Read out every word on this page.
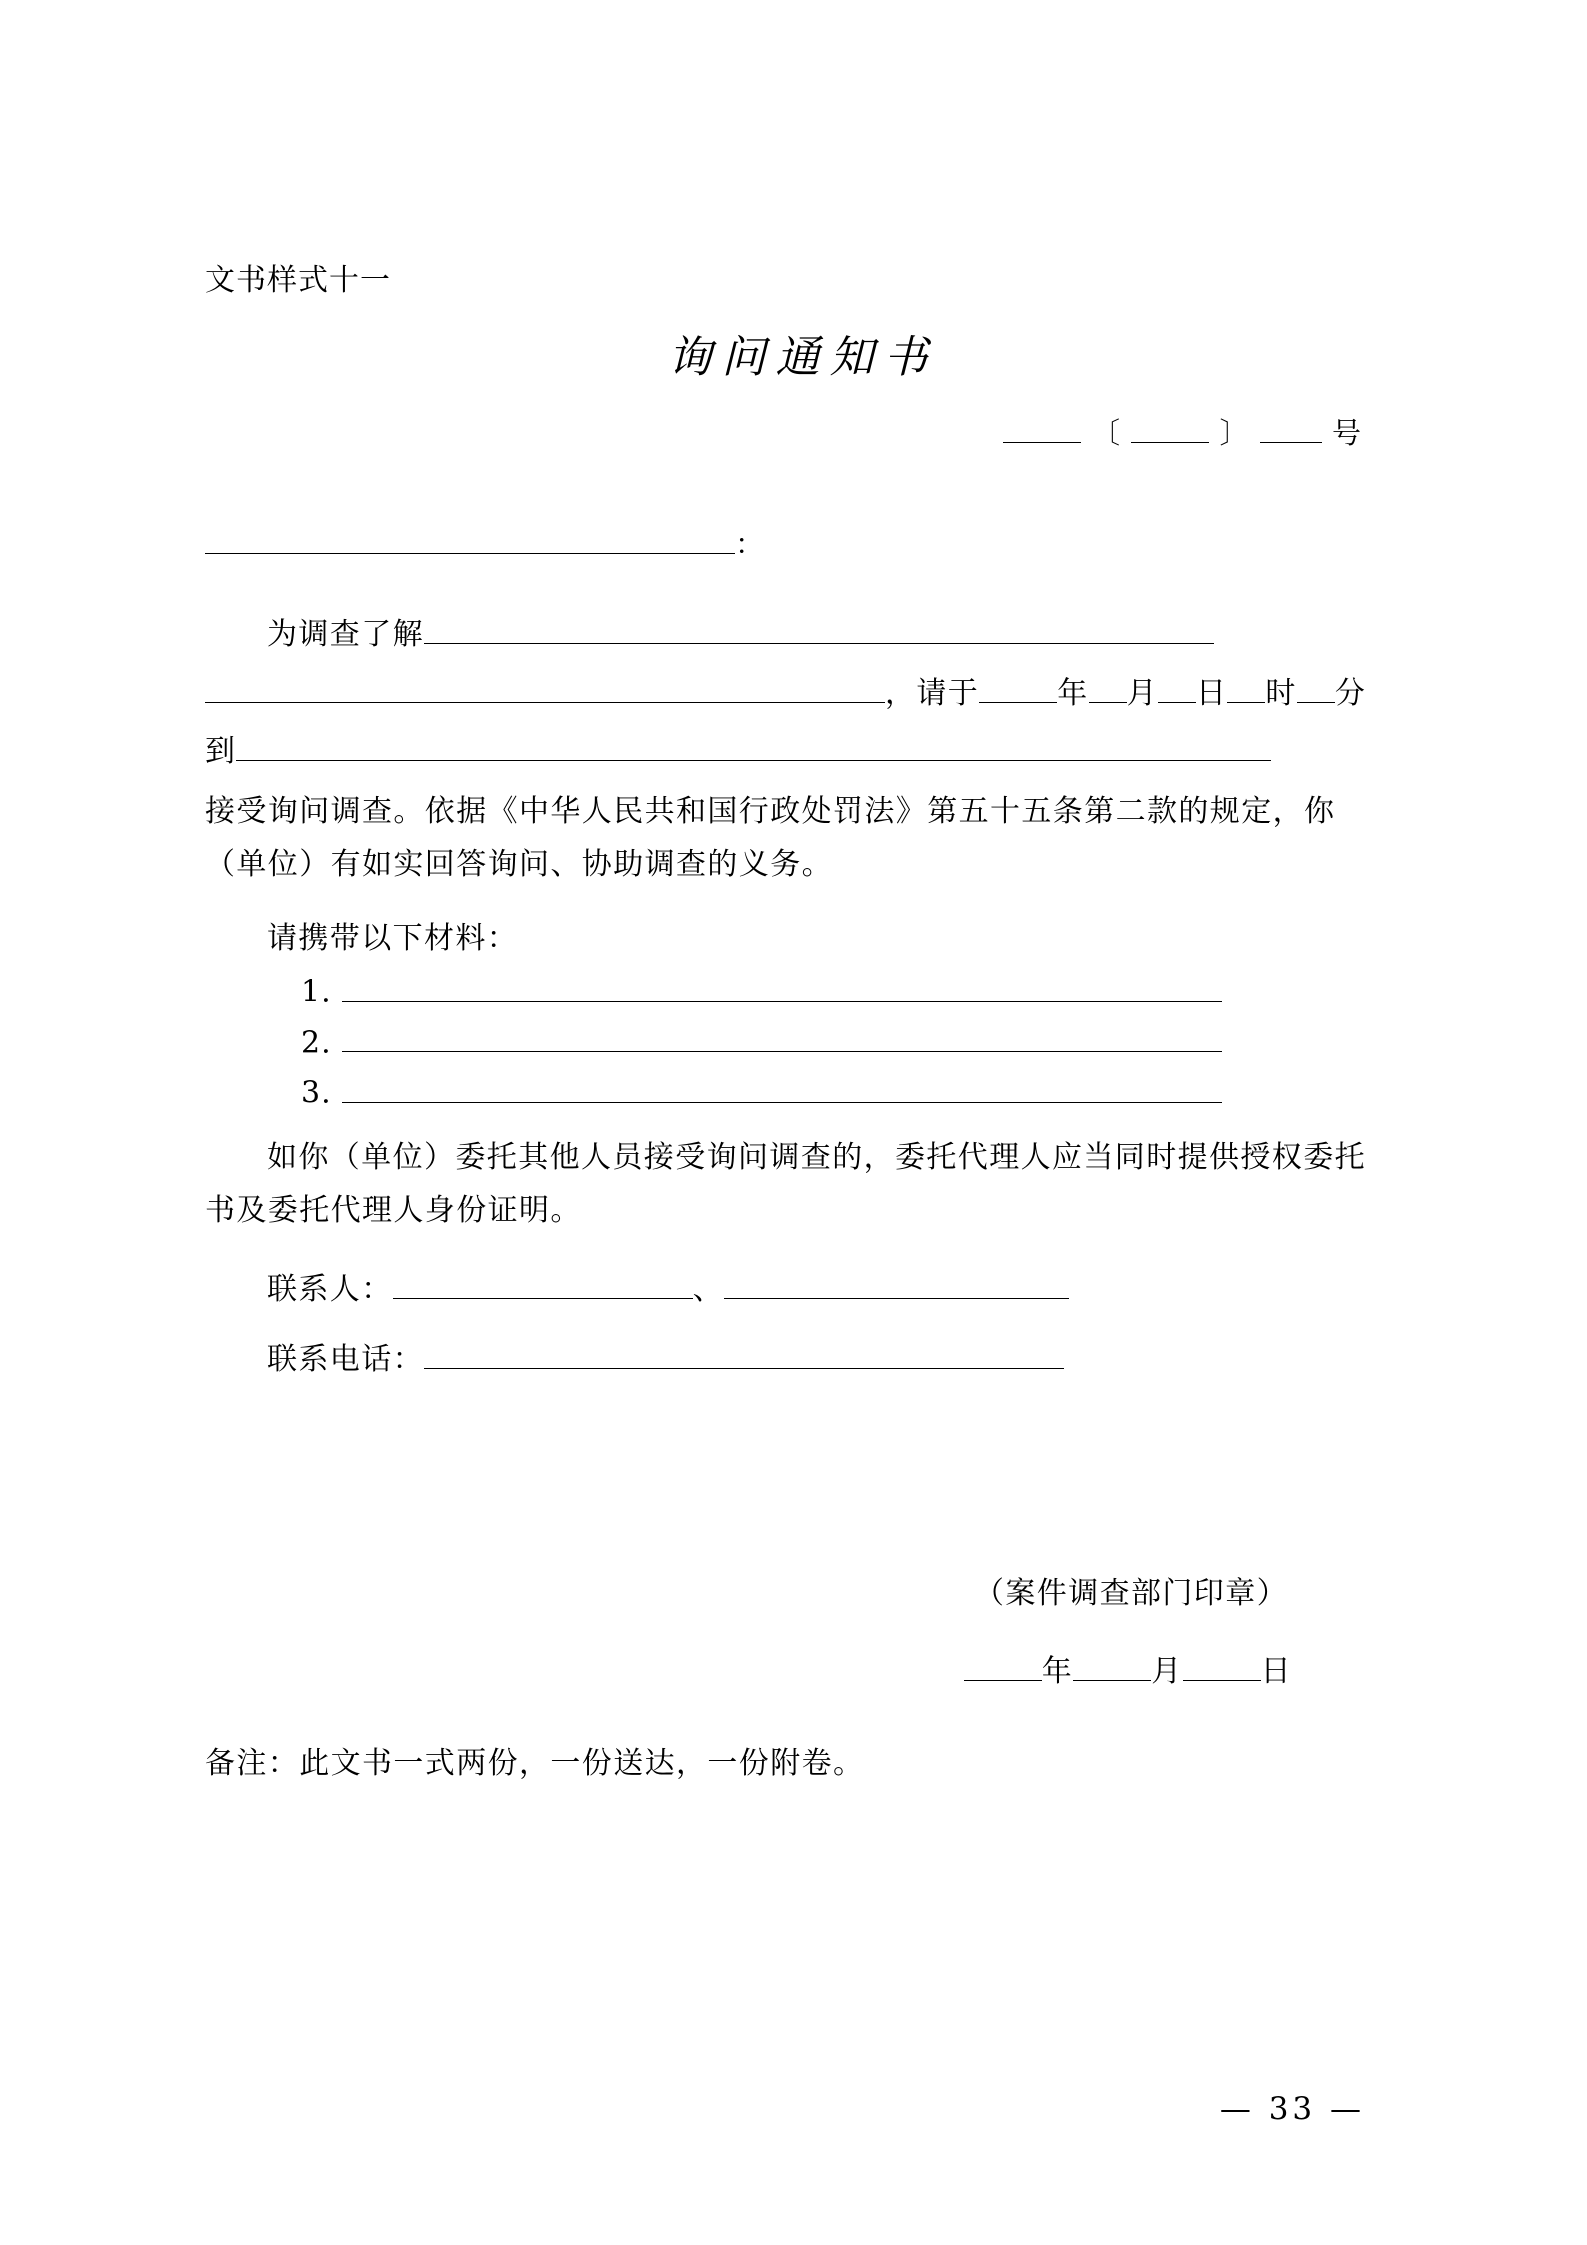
文书样式十一
询问通知书
〔	〕	号
：

为调查了解

，请于	年 月 日 时 分

到

接受询问调查。依据《中华人民共和国行政处罚法》第五十五条第二款的规定，你（单位）有如实回答询问、协助调查的义务。

请携带以下材料：
1.
2.
3.

如你（单位）委托其他人员接受询问调查的，委托代理人应当同时提供授权委托书及委托代理人身份证明。

联系人：	、
联系电话：
（案件调查部门印章）
年	月	日
备注：此文书一式两份，一份送达，一份附卷。
— 33 —
